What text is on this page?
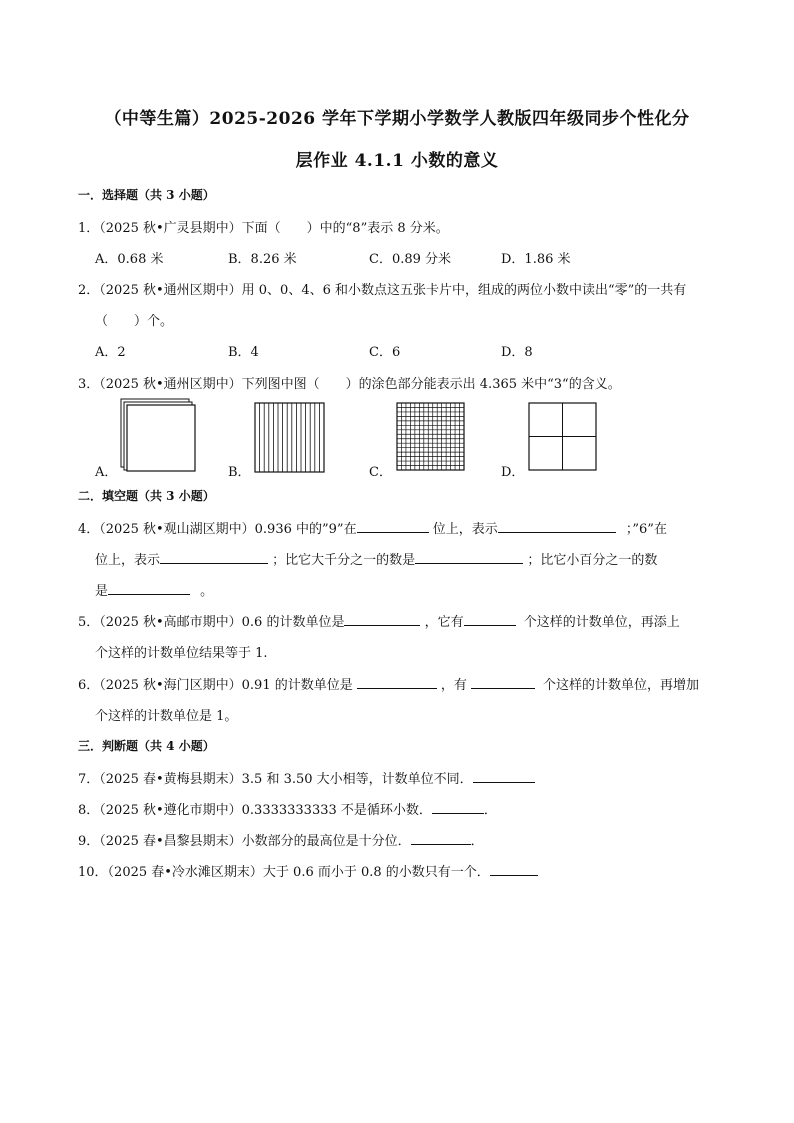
（中等生篇）2025-2026 学年下学期小学数学人教版四年级同步个性化分
层作业 4.1.1 小数的意义
一．选择题（共 3 小题）
1．（2025 秋•广灵县期中）下面（　　）中的“8”表示 8 分米。
A．0.68 米	B．8.26 米	C．0.89 分米	D．1.86 米
2．（2025 秋•通州区期中）用 0、0、4、6 和小数点这五张卡片中，组成的两位小数中读出“零”的一共有
（　　）个。
A．2	B．4	C．6	D．8
3．（2025 秋•通州区期中）下列图中图（　　）的涂色部分能表示出 4.365 米中“3“的含义。
A．	B．	C．	D．
二．填空题（共 3 小题）
4．（2025 秋•观山湖区期中）0.936 中的”9”在	位上，表示	；”6”在
位上，表示	；比它大千分之一的数是	；比它小百分之一的数
是	。
5．（2025 秋•高邮市期中）0.6 的计数单位是	，它有	个这样的计数单位，再添上
个这样的计数单位结果等于 1.
6．（2025 秋•海门区期中）0.91 的计数单位是	，有	个这样的计数单位，再增加
个这样的计数单位是 1。
三．判断题（共 4 小题）
7．（2025 春•黄梅县期末）3.5 和 3.50 大小相等，计数单位不同．
8．（2025 秋•遵化市期中）0.3333333333 不是循环小数．	．
9．（2025 春•昌黎县期末）小数部分的最高位是十分位．	．
10．（2025 春•冷水滩区期末）大于 0.6 而小于 0.8 的小数只有一个．
